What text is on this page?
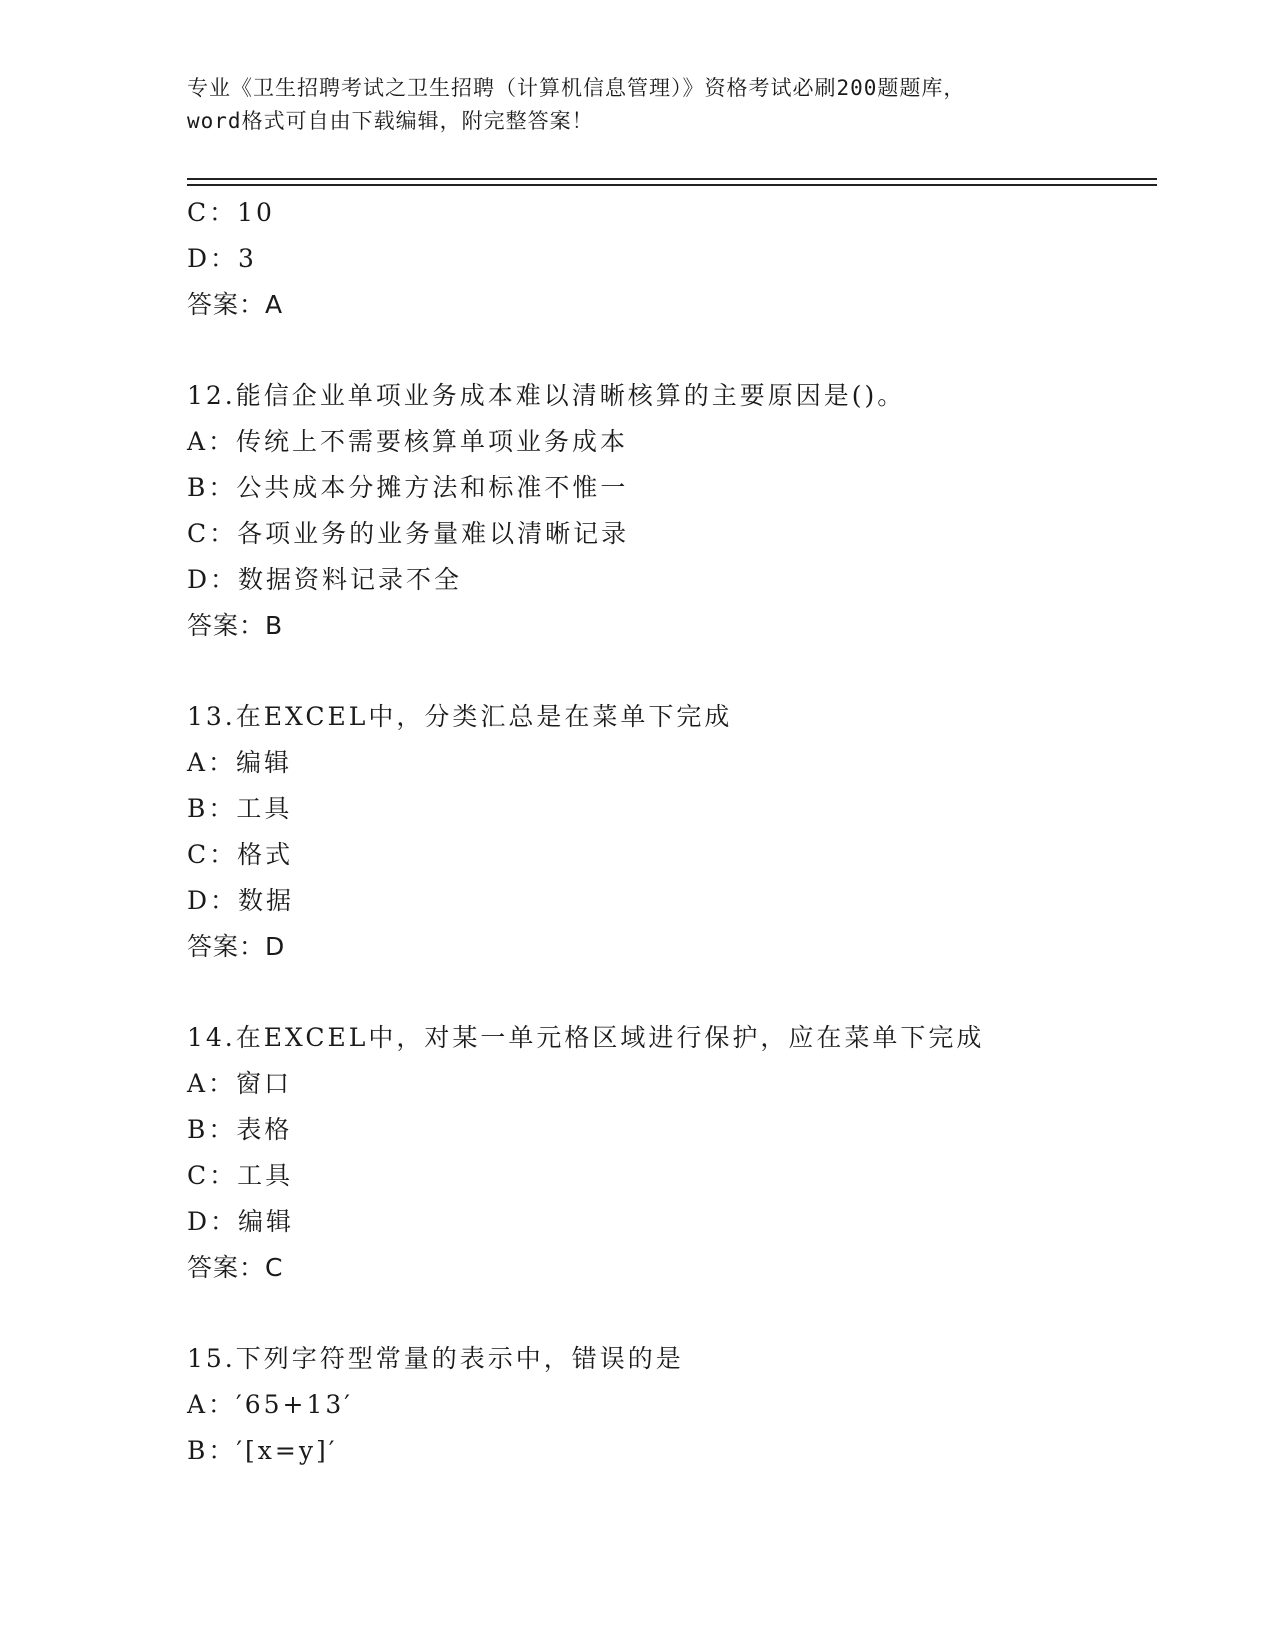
专业《卫生招聘考试之卫生招聘（计算机信息管理）》资格考试必刷200题题库，
word格式可自由下载编辑，附完整答案！
C：10
D：3
答案：A
12.能信企业单项业务成本难以清晰核算的主要原因是()。
A：传统上不需要核算单项业务成本
B：公共成本分摊方法和标准不惟一
C：各项业务的业务量难以清晰记录
D：数据资料记录不全
答案：B
13.在EXCEL中，分类汇总是在菜单下完成
A：编辑
B：工具
C：格式
D：数据
答案：D
14.在EXCEL中，对某一单元格区域进行保护，应在菜单下完成
A：窗口
B：表格
C：工具
D：编辑
答案：C
15.下列字符型常量的表示中，错误的是
A：′65+13′
B：′[x=y]′
